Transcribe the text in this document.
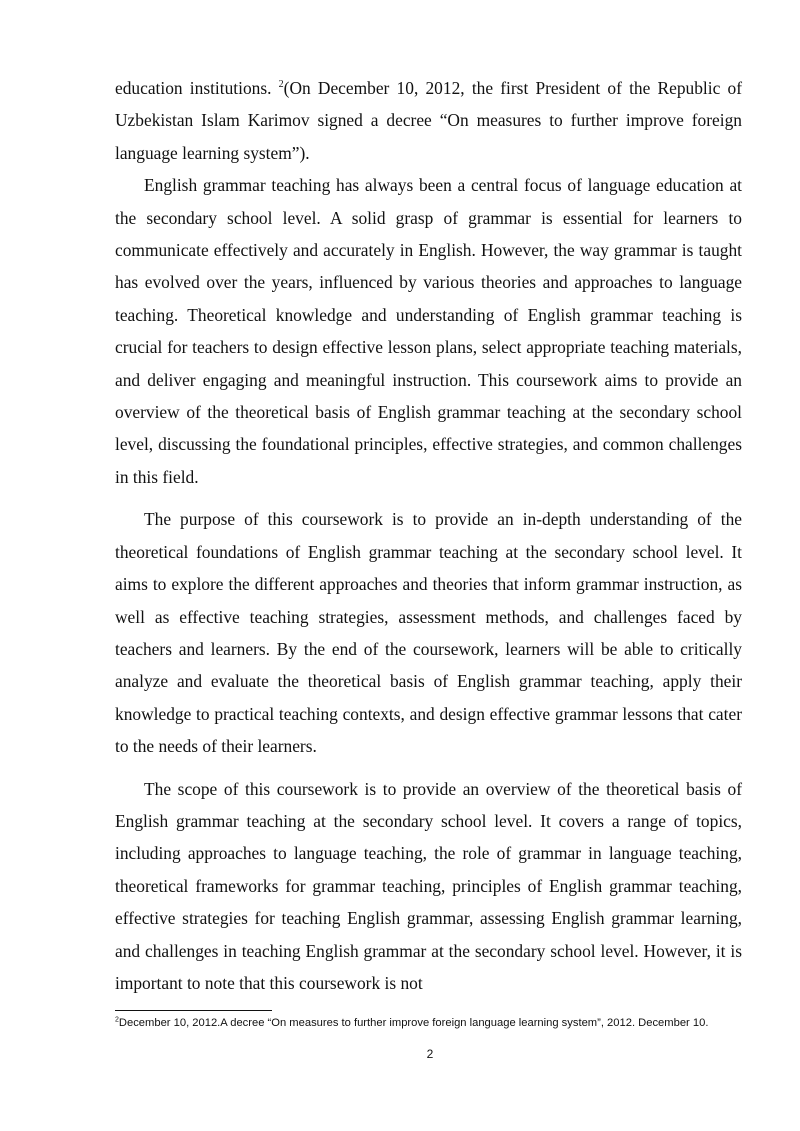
education institutions. $^2$(On December 10, 2012, the first President of the Republic of Uzbekistan Islam Karimov signed a decree “On measures to further improve foreign language learning system”).

English grammar teaching has always been a central focus of language education at the secondary school level. A solid grasp of grammar is essential for learners to communicate effectively and accurately in English. However, the way grammar is taught has evolved over the years, influenced by various theories and approaches to language teaching. Theoretical knowledge and understanding of English grammar teaching is crucial for teachers to design effective lesson plans, select appropriate teaching materials, and deliver engaging and meaningful instruction. This coursework aims to provide an overview of the theoretical basis of English grammar teaching at the secondary school level, discussing the foundational principles, effective strategies, and common challenges in this field.

The purpose of this coursework is to provide an in-depth understanding of the theoretical foundations of English grammar teaching at the secondary school level. It aims to explore the different approaches and theories that inform grammar instruction, as well as effective teaching strategies, assessment methods, and challenges faced by teachers and learners. By the end of the coursework, learners will be able to critically analyze and evaluate the theoretical basis of English grammar teaching, apply their knowledge to practical teaching contexts, and design effective grammar lessons that cater to the needs of their learners.

The scope of this coursework is to provide an overview of the theoretical basis of English grammar teaching at the secondary school level. It covers a range of topics, including approaches to language teaching, the role of grammar in language teaching, theoretical frameworks for grammar teaching, principles of English grammar teaching, effective strategies for teaching English grammar, assessing English grammar learning, and challenges in teaching English grammar at the secondary school level. However, it is important to note that this coursework is not

$^2$December 10, 2012.A decree “On measures to further improve foreign language learning system”, 2012. December 10.
2
